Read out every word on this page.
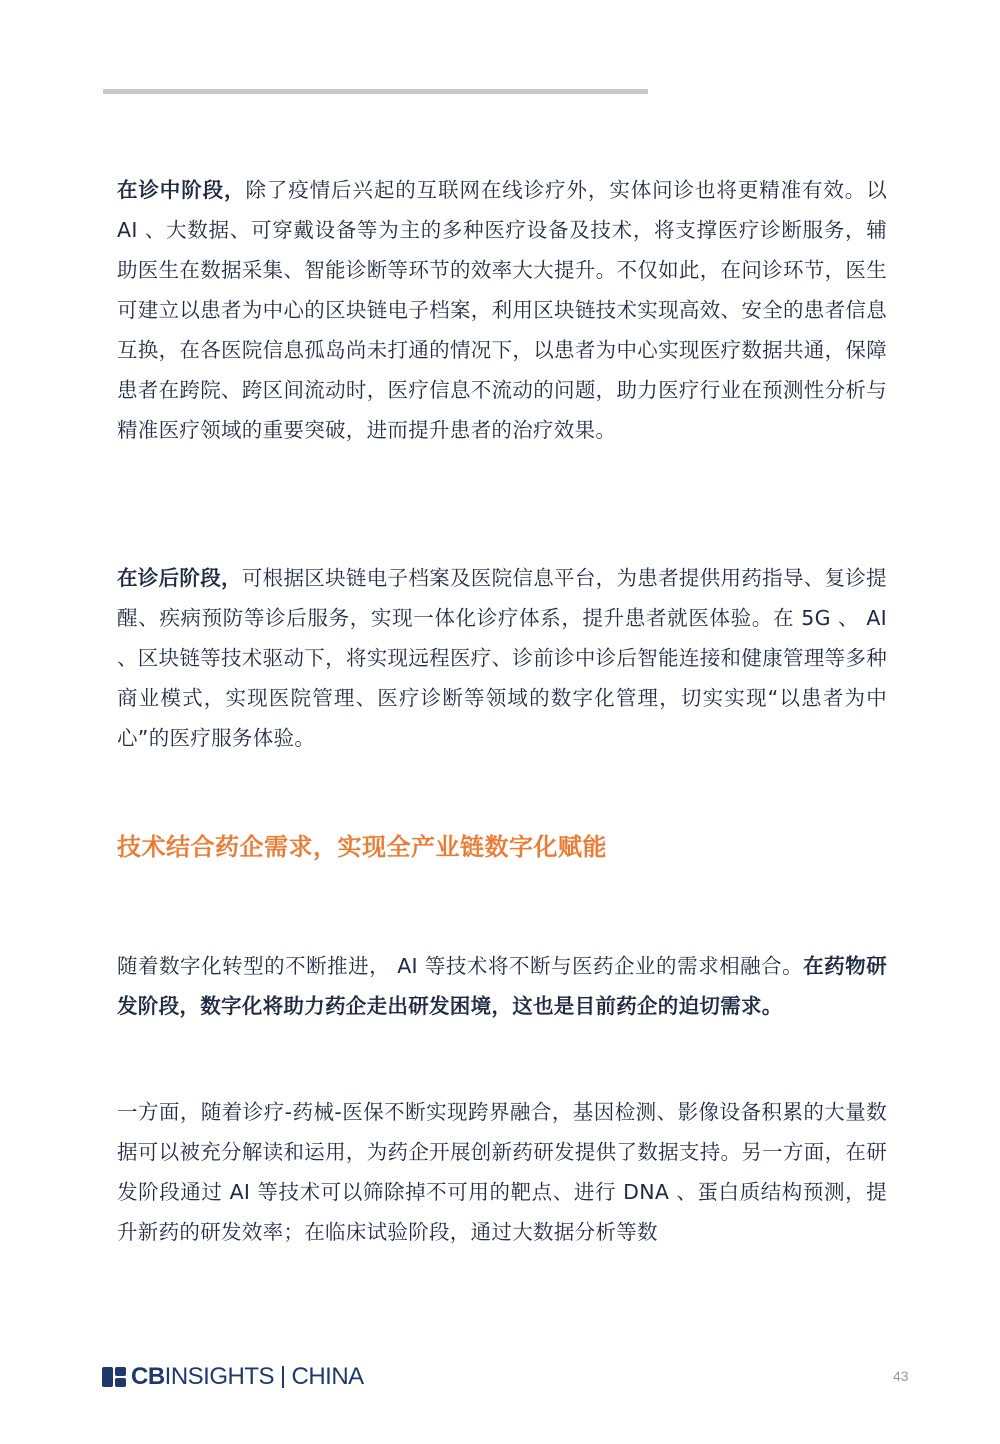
在诊中阶段，除了疫情后兴起的互联网在线诊疗外，实体问诊也将更精准有效。以 AI 、大数据、可穿戴设备等为主的多种医疗设备及技术，将支撑医疗诊断服务，辅助医生在数据采集、智能诊断等环节的效率大大提升。不仅如此，在问诊环节，医生可建立以患者为中心的区块链电子档案，利用区块链技术实现高效、安全的患者信息互换，在各医院信息孤岛尚未打通的情况下，以患者为中心实现医疗数据共通，保障患者在跨院、跨区间流动时，医疗信息不流动的问题，助力医疗行业在预测性分析与精准医疗领域的重要突破，进而提升患者的治疗效果。

在诊后阶段，可根据区块链电子档案及医院信息平台，为患者提供用药指导、复诊提醒、疾病预防等诊后服务，实现一体化诊疗体系，提升患者就医体验。在 5G 、 AI 、区块链等技术驱动下，将实现远程医疗、诊前诊中诊后智能连接和健康管理等多种商业模式，实现医院管理、医疗诊断等领域的数字化管理，切实实现“以患者为中心”的医疗服务体验。

技术结合药企需求，实现全产业链数字化赋能

随着数字化转型的不断推进， AI 等技术将不断与医药企业的需求相融合。在药物研发阶段，数字化将助力药企走出研发困境，这也是目前药企的迫切需求。

一方面，随着诊疗-药械-医保不断实现跨界融合，基因检测、影像设备积累的大量数据可以被充分解读和运用，为药企开展创新药研发提供了数据支持。另一方面，在研发阶段通过 AI 等技术可以筛除掉不可用的靶点、进行 DNA 、蛋白质结构预测，提升新药的研发效率；在临床试验阶段，通过大数据分析等数

CB INSIGHTS CHINA	43
